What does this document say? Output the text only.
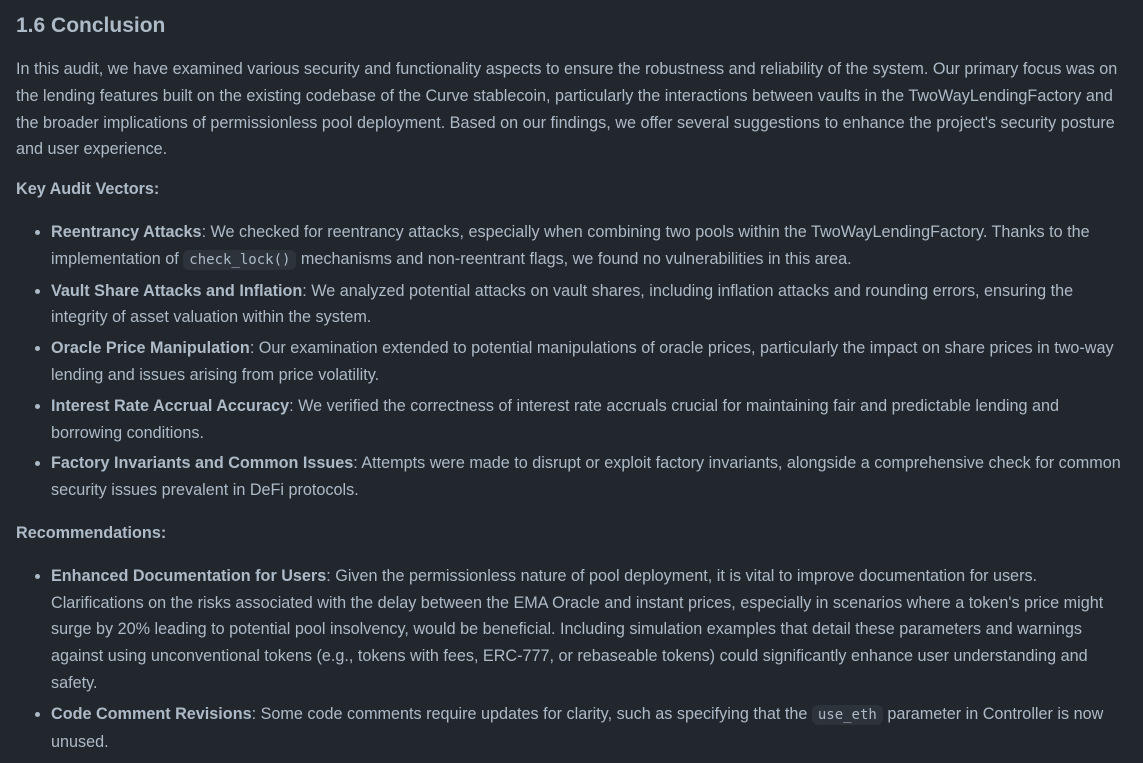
1.6 Conclusion

In this audit, we have examined various security and functionality aspects to ensure the robustness and reliability of the system. Our primary focus was on the lending features built on the existing codebase of the Curve stablecoin, particularly the interactions between vaults in the TwoWayLendingFactory and the broader implications of permissionless pool deployment. Based on our findings, we offer several suggestions to enhance the project's security posture and user experience.

Key Audit Vectors:

• Reentrancy Attacks: We checked for reentrancy attacks, especially when combining two pools within the TwoWayLendingFactory. Thanks to the implementation of check_lock() mechanisms and non-reentrant flags, we found no vulnerabilities in this area.
• Vault Share Attacks and Inflation: We analyzed potential attacks on vault shares, including inflation attacks and rounding errors, ensuring the integrity of asset valuation within the system.
• Oracle Price Manipulation: Our examination extended to potential manipulations of oracle prices, particularly the impact on share prices in two-way lending and issues arising from price volatility.
• Interest Rate Accrual Accuracy: We verified the correctness of interest rate accruals crucial for maintaining fair and predictable lending and borrowing conditions.
• Factory Invariants and Common Issues: Attempts were made to disrupt or exploit factory invariants, alongside a comprehensive check for common security issues prevalent in DeFi protocols.

Recommendations:

• Enhanced Documentation for Users: Given the permissionless nature of pool deployment, it is vital to improve documentation for users. Clarifications on the risks associated with the delay between the EMA Oracle and instant prices, especially in scenarios where a token's price might surge by 20% leading to potential pool insolvency, would be beneficial. Including simulation examples that detail these parameters and warnings against using unconventional tokens (e.g., tokens with fees, ERC-777, or rebaseable tokens) could significantly enhance user understanding and safety.
• Code Comment Revisions: Some code comments require updates for clarity, such as specifying that the use_eth parameter in Controller is now unused.
